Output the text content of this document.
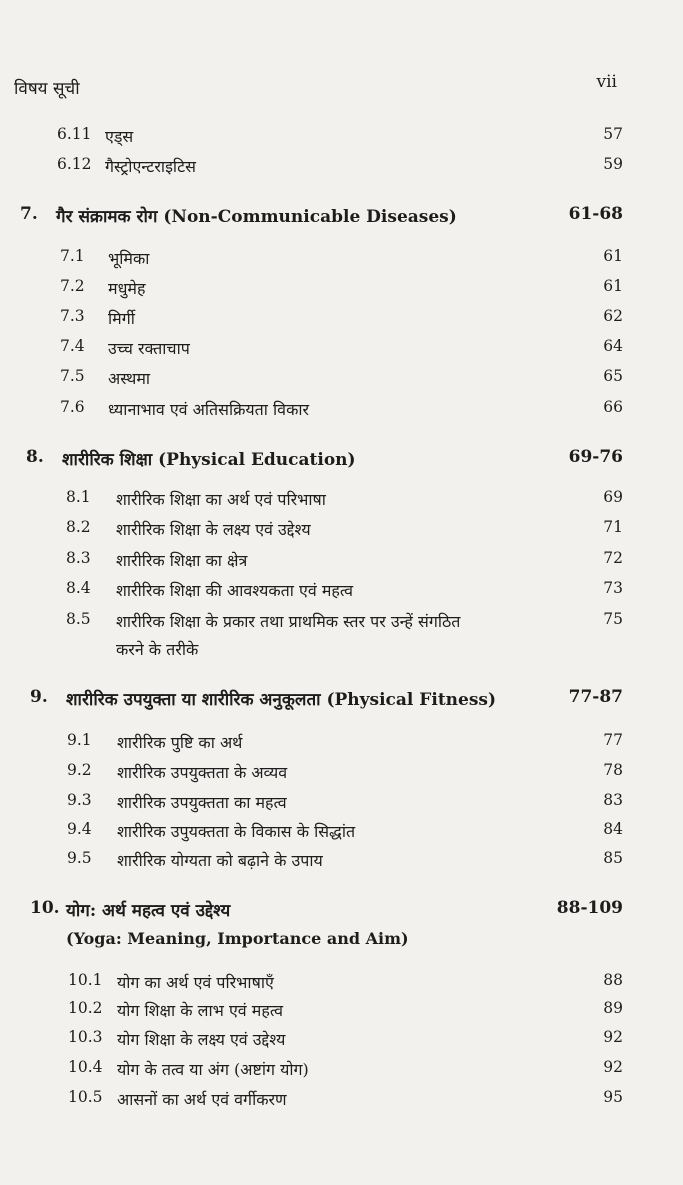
विषय सूची	vii
6.11 एड्स	57
6.12 गैस्ट्रोएन्टराइटिस	59
7. गैर संक्रामक रोग (Non-Communicable Diseases)	61-68
7.1 भूमिका	61
7.2 मधुमेह	61
7.3 मिर्गी	62
7.4 उच्च रक्ताचाप	64
7.5 अस्थमा	65
7.6 ध्यानाभाव एवं अतिसक्रियता विकार	66
8. शारीरिक शिक्षा (Physical Education)	69-76
8.1 शारीरिक शिक्षा का अर्थ एवं परिभाषा	69
8.2 शारीरिक शिक्षा के लक्ष्य एवं उद्देश्य	71
8.3 शारीरिक शिक्षा का क्षेत्र	72
8.4 शारीरिक शिक्षा की आवश्यकता एवं महत्व	73
8.5 शारीरिक शिक्षा के प्रकार तथा प्राथमिक स्तर पर उन्हें संगठित	75
करने के तरीके
9. शारीरिक उपयुक्ता या शारीरिक अनुकूलता (Physical Fitness)	77-87
9.1 शारीरिक पुष्टि का अर्थ	77
9.2 शारीरिक उपयुक्तता के अव्यव	78
9.3 शारीरिक उपयुक्तता का महत्व	83
9.4 शारीरिक उपुयक्तता के विकास के सिद्धांत	84
9.5 शारीरिक योग्यता को बढ़ाने के उपाय	85
10. योग: अर्थ महत्व एवं उद्देश्य	88-109
(Yoga: Meaning, Importance and Aim)
10.1 योग का अर्थ एवं परिभाषाएँ	88
10.2 योग शिक्षा के लाभ एवं महत्व	89
10.3 योग शिक्षा के लक्ष्य एवं उद्देश्य	92
10.4 योग के तत्व या अंग (अष्टांग योग)	92
10.5 आसनों का अर्थ एवं वर्गीकरण	95
